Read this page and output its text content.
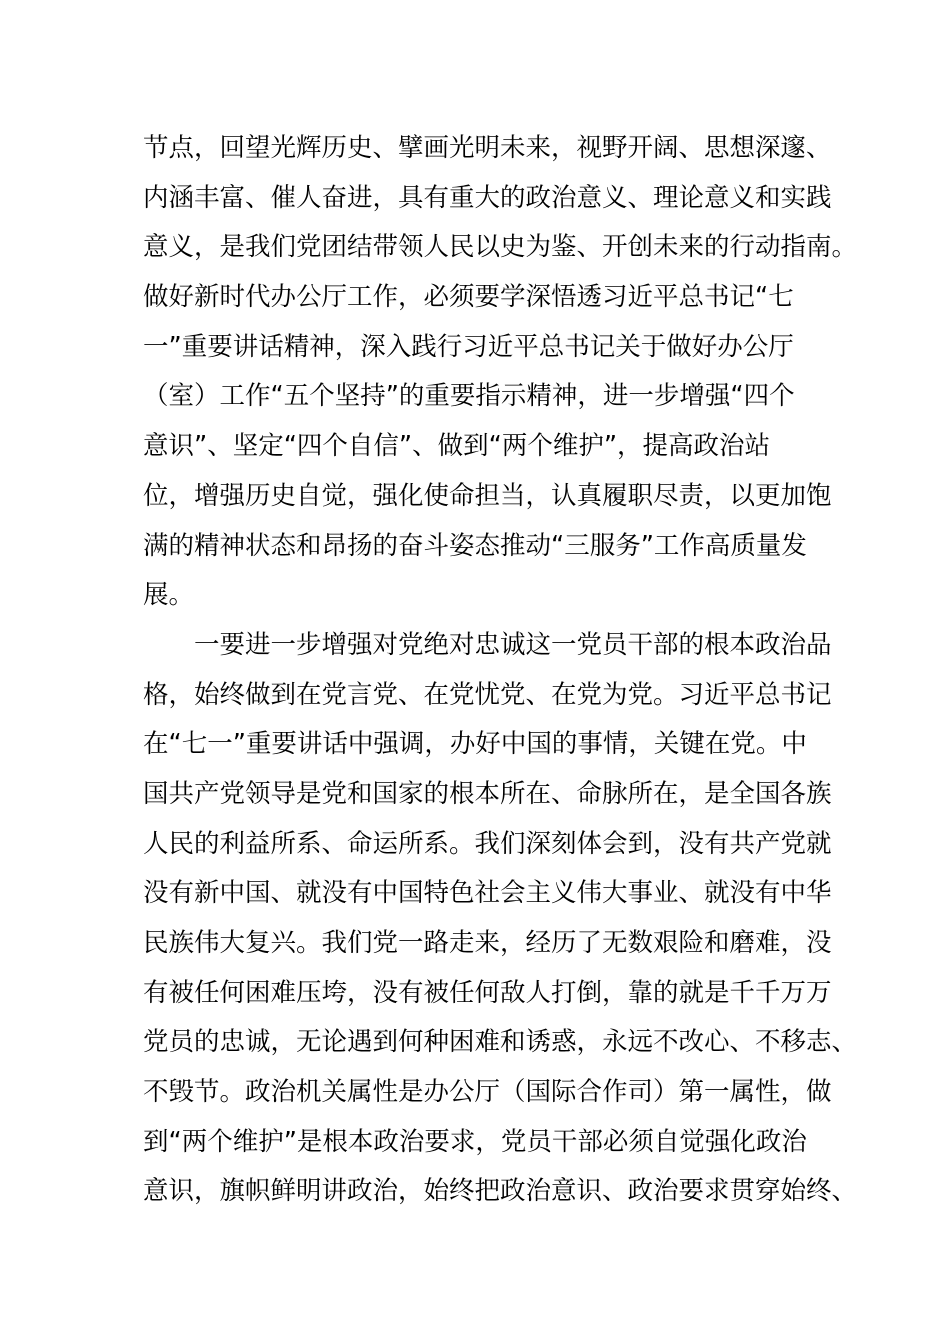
节点，回望光辉历史、擘画光明未来，视野开阔、思想深邃、
内涵丰富、催人奋进，具有重大的政治意义、理论意义和实践
意义，是我们党团结带领人民以史为鉴、开创未来的行动指南。
做好新时代办公厅工作，必须要学深悟透习近平总书记“七
一”重要讲话精神，深入践行习近平总书记关于做好办公厅
（室）工作“五个坚持”的重要指示精神，进一步增强“四个
意识”、坚定“四个自信”、做到“两个维护”，提高政治站
位，增强历史自觉，强化使命担当，认真履职尽责，以更加饱
满的精神状态和昂扬的奋斗姿态推动“三服务”工作高质量发
展。
　　一要进一步增强对党绝对忠诚这一党员干部的根本政治品
格，始终做到在党言党、在党忧党、在党为党。习近平总书记
在“七一”重要讲话中强调，办好中国的事情，关键在党。中
国共产党领导是党和国家的根本所在、命脉所在，是全国各族
人民的利益所系、命运所系。我们深刻体会到，没有共产党就
没有新中国、就没有中国特色社会主义伟大事业、就没有中华
民族伟大复兴。我们党一路走来，经历了无数艰险和磨难，没
有被任何困难压垮，没有被任何敌人打倒，靠的就是千千万万
党员的忠诚，无论遇到何种困难和诱惑，永远不改心、不移志、
不毁节。政治机关属性是办公厅（国际合作司）第一属性，做
到“两个维护”是根本政治要求，党员干部必须自觉强化政治
意识，旗帜鲜明讲政治，始终把政治意识、政治要求贯穿始终、
